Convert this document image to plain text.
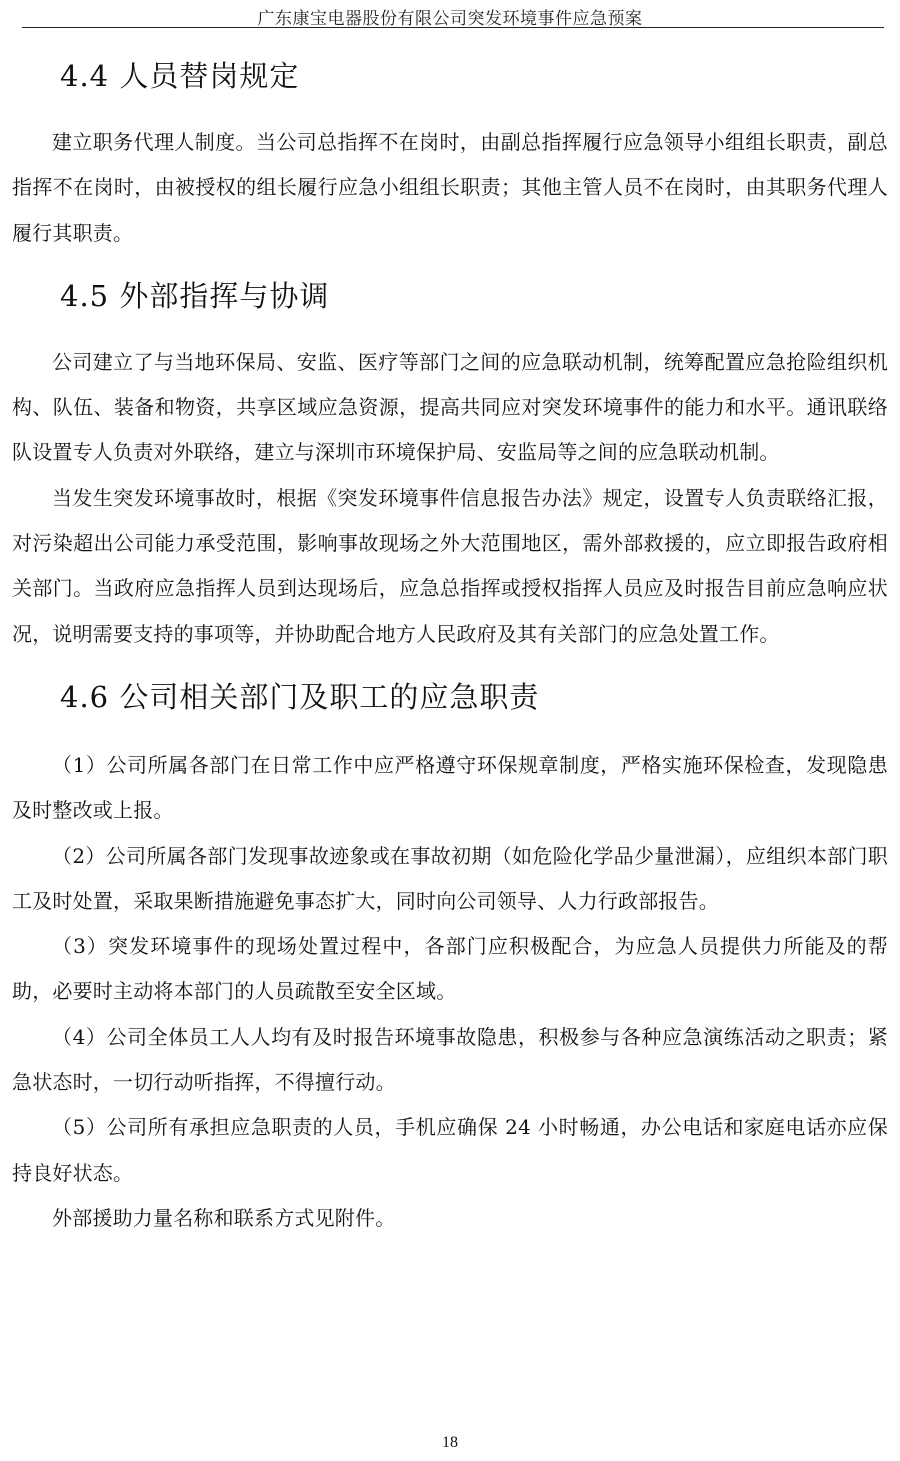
广东康宝电器股份有限公司突发环境事件应急预案
4.4 人员替岗规定

建立职务代理人制度。当公司总指挥不在岗时，由副总指挥履行应急领导小组组长职责，副总指挥不在岗时，由被授权的组长履行应急小组组长职责；其他主管人员不在岗时，由其职务代理人履行其职责。

4.5 外部指挥与协调

公司建立了与当地环保局、安监、医疗等部门之间的应急联动机制，统筹配置应急抢险组织机构、队伍、装备和物资，共享区域应急资源，提高共同应对突发环境事件的能力和水平。通讯联络队设置专人负责对外联络，建立与深圳市环境保护局、安监局等之间的应急联动机制。

当发生突发环境事故时，根据《突发环境事件信息报告办法》规定，设置专人负责联络汇报，对污染超出公司能力承受范围，影响事故现场之外大范围地区，需外部救援的，应立即报告政府相关部门。当政府应急指挥人员到达现场后，应急总指挥或授权指挥人员应及时报告目前应急响应状况，说明需要支持的事项等，并协助配合地方人民政府及其有关部门的应急处置工作。

4.6 公司相关部门及职工的应急职责

（1）公司所属各部门在日常工作中应严格遵守环保规章制度，严格实施环保检查，发现隐患及时整改或上报。

（2）公司所属各部门发现事故迹象或在事故初期（如危险化学品少量泄漏），应组织本部门职工及时处置，采取果断措施避免事态扩大，同时向公司领导、人力行政部报告。

（3）突发环境事件的现场处置过程中，各部门应积极配合，为应急人员提供力所能及的帮助，必要时主动将本部门的人员疏散至安全区域。

（4）公司全体员工人人均有及时报告环境事故隐患，积极参与各种应急演练活动之职责；紧急状态时，一切行动听指挥，不得擅行动。

（5）公司所有承担应急职责的人员，手机应确保 24 小时畅通，办公电话和家庭电话亦应保持良好状态。

外部援助力量名称和联系方式见附件。

18
